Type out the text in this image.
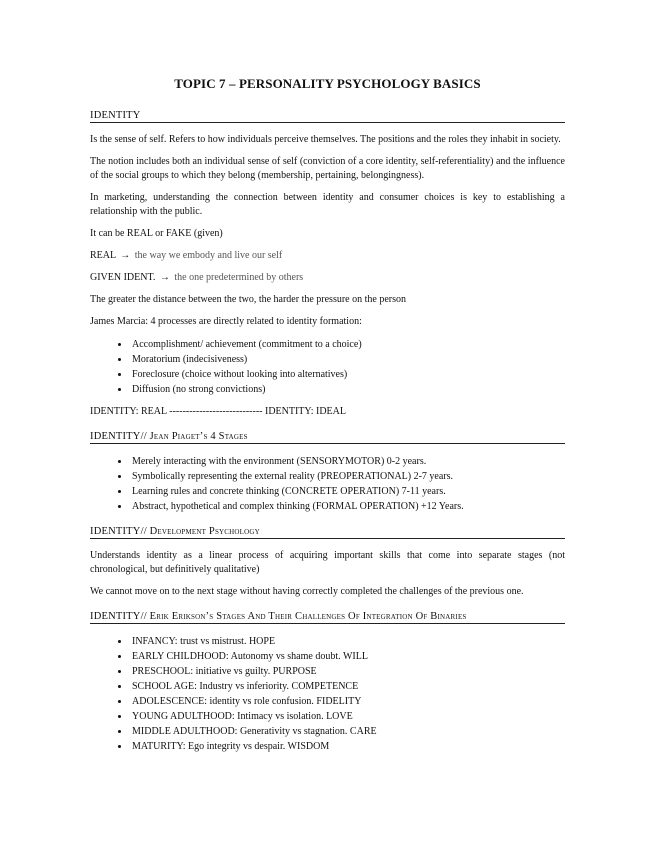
TOPIC 7 – PERSONALITY PSYCHOLOGY BASICS
IDENTITY

Is the sense of self. Refers to how individuals perceive themselves. The positions and the roles they inhabit in society.

The notion includes both an individual sense of self (conviction of a core identity, self-referentiality) and the influence of the social groups to which they belong (membership, pertaining, belongingness).

In marketing, understanding the connection between identity and consumer choices is key to establishing a relationship with the public.

It can be REAL or FAKE (given)

REAL → the way we embody and live our self

GIVEN IDENT. → the one predetermined by others

The greater the distance between the two, the harder the pressure on the person

James Marcia: 4 processes are directly related to identity formation:

• Accomplishment/ achievement (commitment to a choice)
• Moratorium (indecisiveness)
• Foreclosure (choice without looking into alternatives)
• Diffusion (no strong convictions)

IDENTITY: REAL ---------------------------- IDENTITY: IDEAL

IDENTITY// Jean Piaget’s 4 Stages
• Merely interacting with the environment (SENSORYMOTOR) 0-2 years.
• Symbolically representing the external reality (PREOPERATIONAL) 2-7 years.
• Learning rules and concrete thinking (CONCRETE OPERATION) 7-11 years.
• Abstract, hypothetical and complex thinking (FORMAL OPERATION) +12 Years.
IDENTITY// Development Psychology

Understands identity as a linear process of acquiring important skills that come into separate stages (not chronological, but definitively qualitative)

We cannot move on to the next stage without having correctly completed the challenges of the previous one.

IDENTITY// Erik Erikson’s Stages And Their Challenges Of Integration Of Binaries
• INFANCY: trust vs mistrust. HOPE
• EARLY CHILDHOOD: Autonomy vs shame doubt. WILL
• PRESCHOOL: initiative vs guilty. PURPOSE
• SCHOOL AGE: Industry vs inferiority. COMPETENCE
• ADOLESCENCE: identity vs role confusion. FIDELITY
• YOUNG ADULTHOOD: Intimacy vs isolation. LOVE
• MIDDLE ADULTHOOD: Generativity vs stagnation. CARE
• MATURITY: Ego integrity vs despair. WISDOM
